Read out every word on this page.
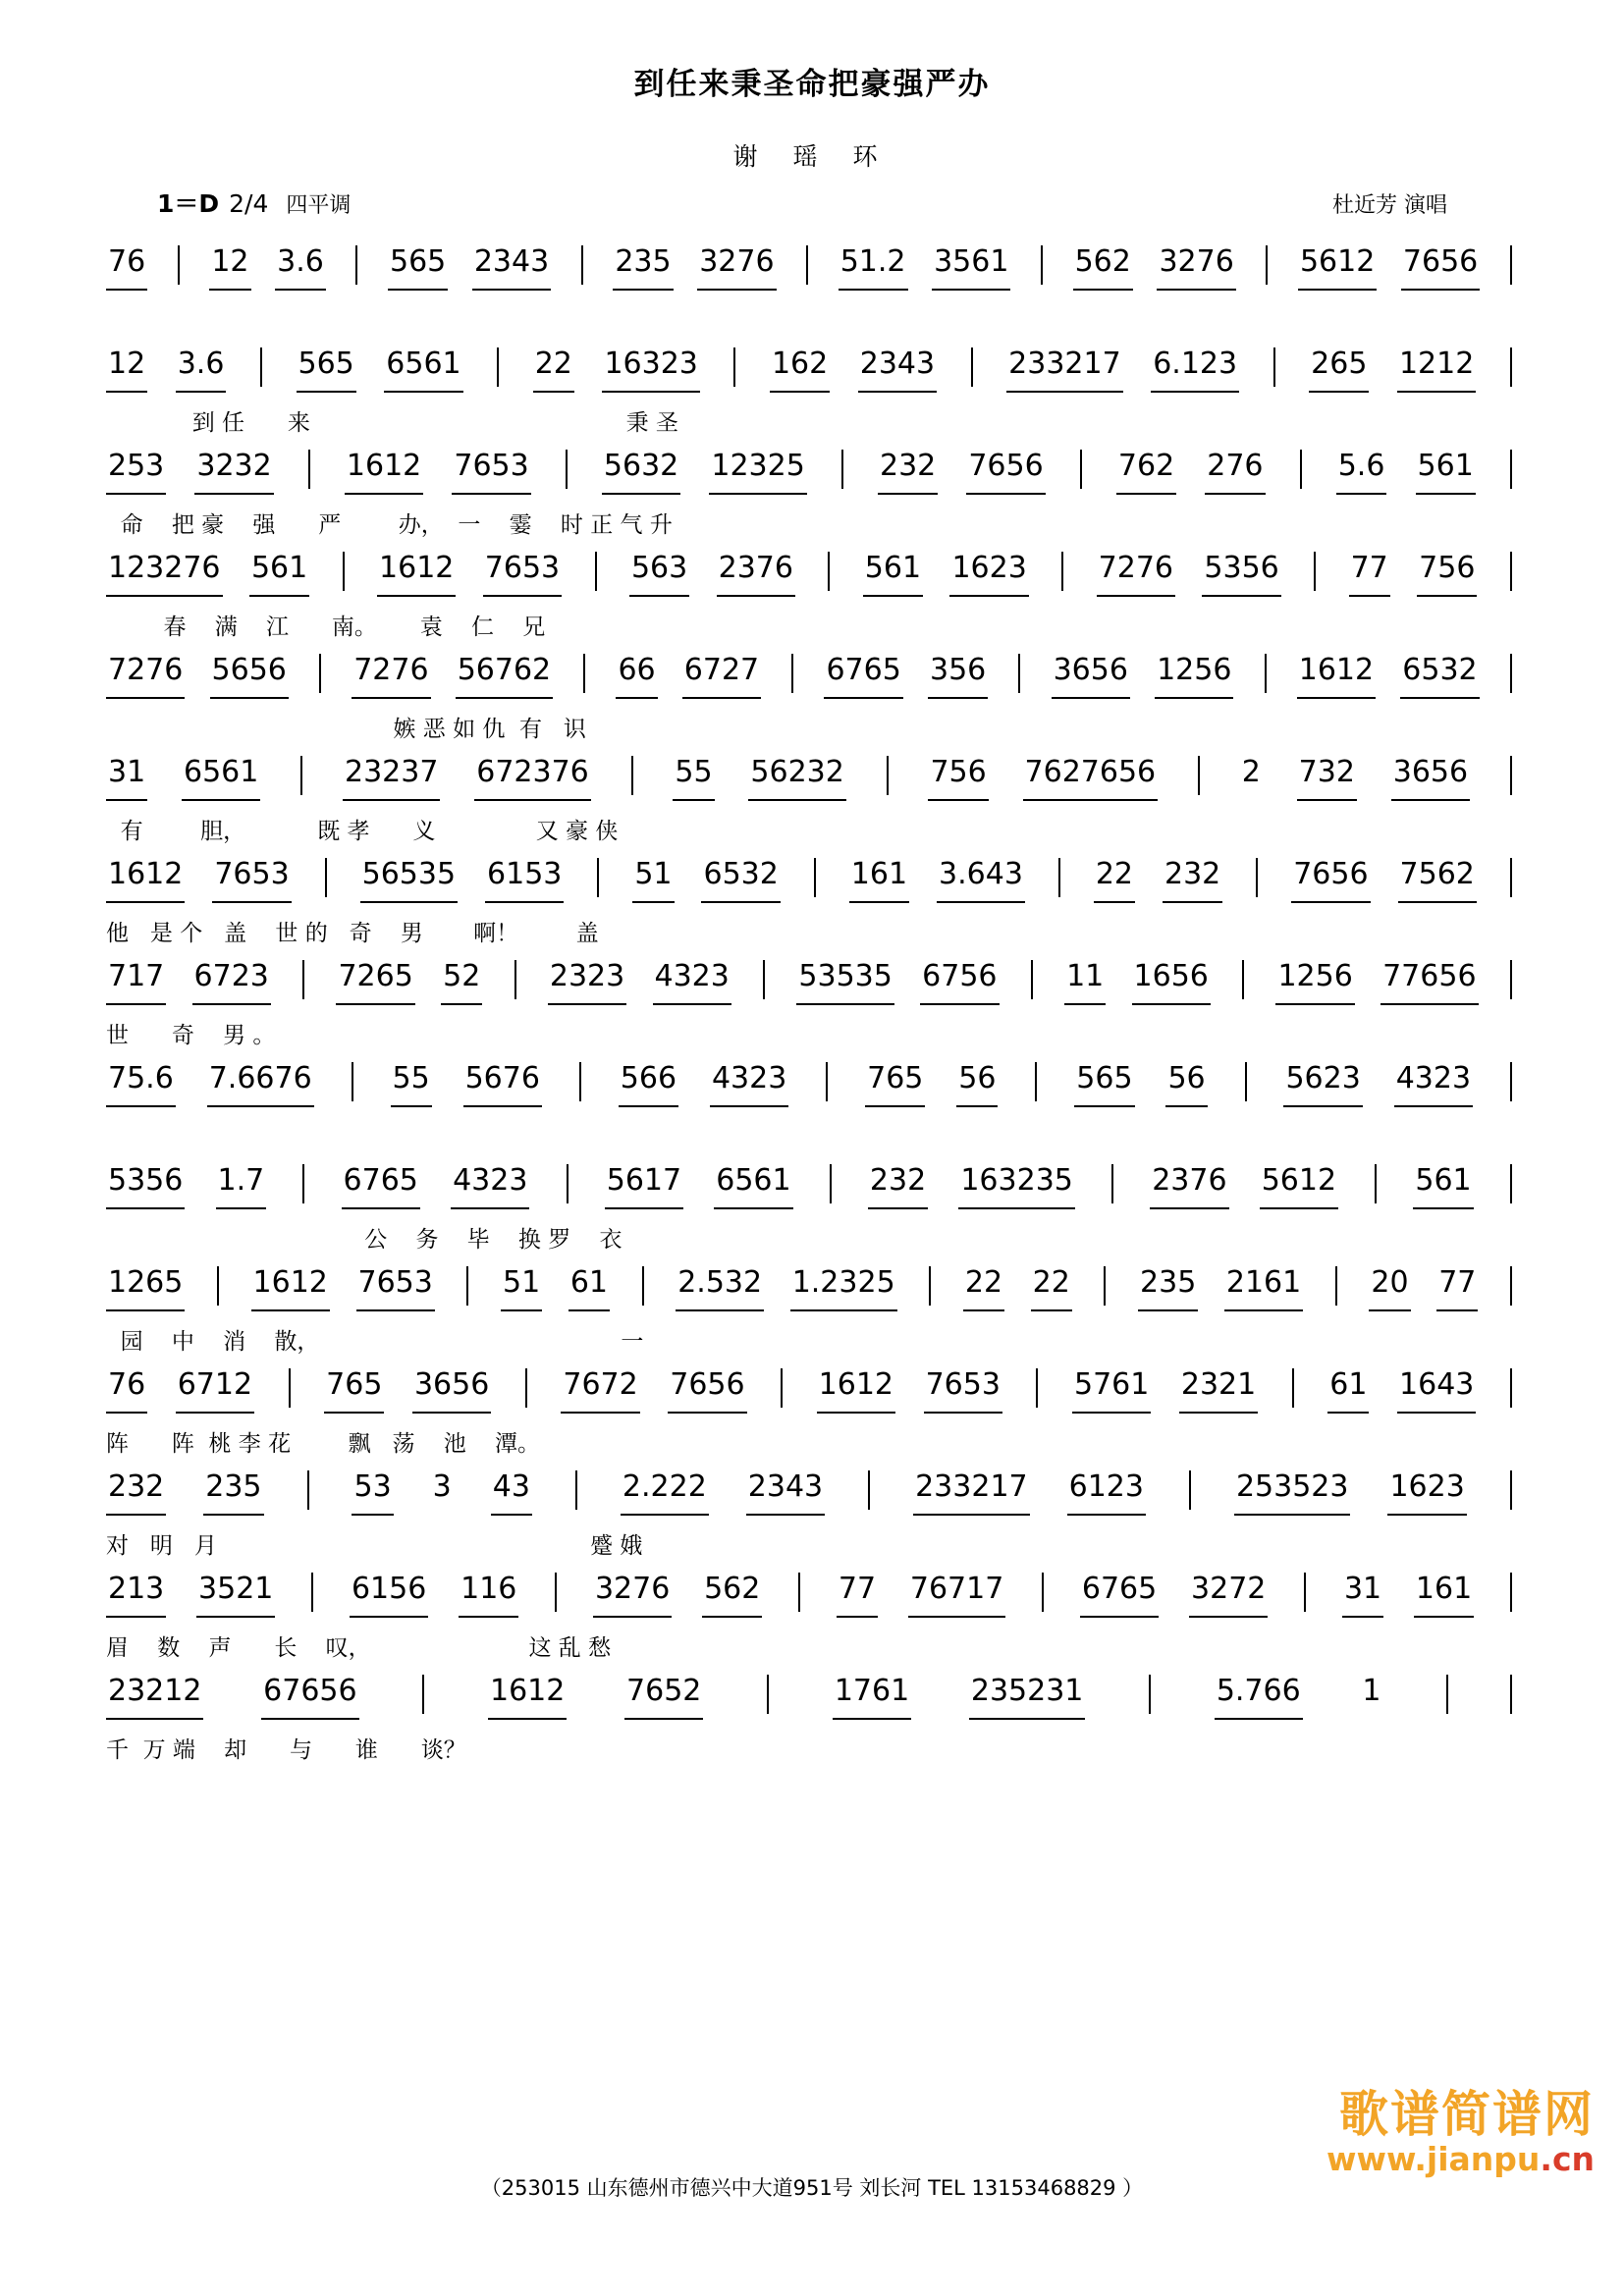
到任来秉圣命把豪强严办
谢 瑶 环
1＝D 2/4 四平调	杜近芳 演唱
76 12 3.6 565 2343 235 3276 51.2 3561 562 3276 5612 7656
12 3.6	565 6561	22 16323	162 2343	233217 6.123	265 1212
到 任      来                                            秉 圣
253 3232	1612 7653	5632 12325	232 7656	762 276	5.6 561
命    把 豪    强      严        办，  一    霎    时 正 气 升
123276 561 1612 7653 563 2376 561 1623 7276 5356 77 756
春    满    江      南。      袁    仁    兄
7276 5656 7276 56762 66 6727 6765 356 3656 1256 1612 6532
嫉 恶 如 仇  有   识
31 6561	23237 672376	55 56232	756 7627656	2 732 3656
有        胆，          既 孝      义              又 豪 侠
1612 7653 56535 6153 51 6532 161 3.643 22 232 7656 7562
他   是 个   盖    世 的   奇    男       啊！        盖
717 6723 7265 52 2323 4323 53535 6756 11 1656 1256 77656
世      奇    男 。
75.6 7.6676	55 5676	566 4323	765 56	565 56	5623 4323
5356 1.7	6765 4323	5617 6561	232 163235	2376 5612	561
公    务    毕    换 罗    衣
1265 1612 7653 51 61 2.532 1.2325 22 22 235 2161 20 77
园    中    消    散，                                          一
76 6712	765 3656	7672 7656	1612 7653	5761 2321	61 1643
阵      阵  桃 李 花        飘   荡    池    潭。
232 235	53 3 43	2.222 2343	233217 6123	253523 1623
对   明   月                                                    蹙 娥
213 3521	6156 116	3276 562	77 76717	6765 3272	31 161
眉    数    声      长    叹，                      这 乱 愁
23212 67656	1612 7652	1761 235231	5.766 1
千  万 端    却      与      谁      谈？
（253015 山东德州市德兴中大道951号 刘长河 TEL 13153468829 ）
歌谱简谱网
www.jianpu.cn
